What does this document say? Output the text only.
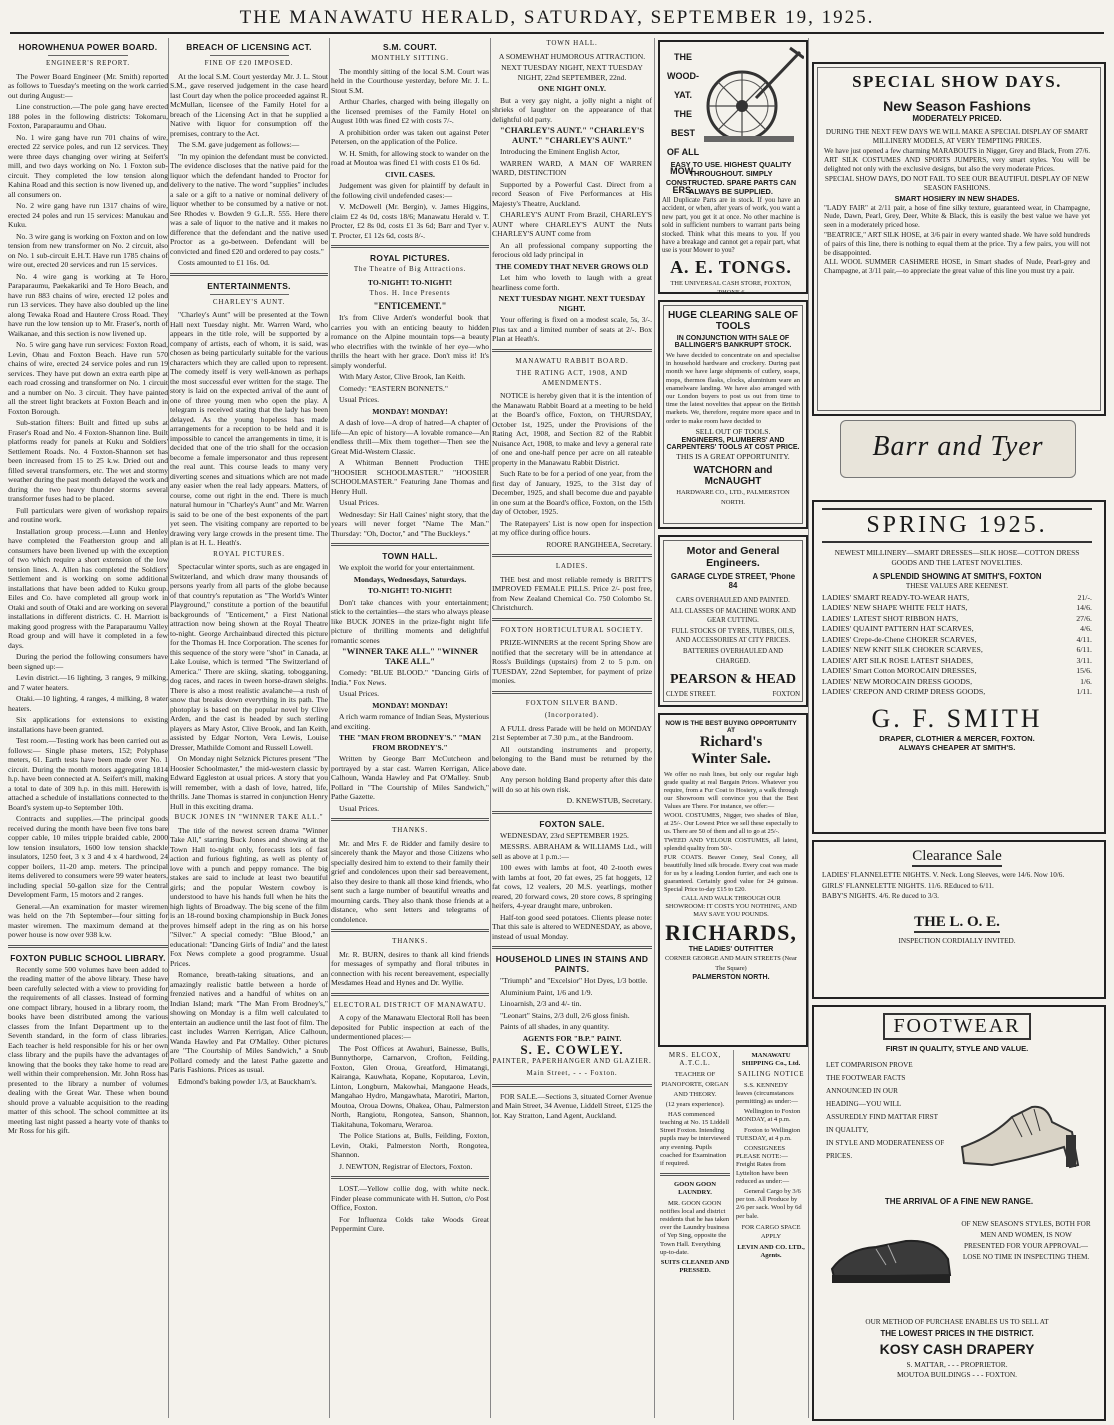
THE MANAWATU HERALD, SATURDAY, SEPTEMBER 19, 1925.
HOROWHENUA POWER BOARD.
ENGINEER'S REPORT.

The Power Board Engineer (Mr. Smith) reported as follows to Tuesday's meeting on the work carried out during August:—

Line construction.—The pole gang have erected 188 poles in the following districts: Tokomaru, Foxton, Paraparaumu and Ohau.

No. 1 wire gang have run 701 chains of wire, erected 22 service poles, and run 12 services. They were three days changing over wiring at Seifert's mill, and two days working on No. 1 Foxton sub-circuit. They completed the low tension along Kahina Road and this section is now livened up, and all consumers on.

No. 2 wire gang have run 1317 chains of wire, erected 24 poles and run 15 services: Manukau and Kuku.

No. 3 wire gang is working on Foxton and on low tension from new transformer on No. 2 circuit, also on No. 1 sub-circuit E.H.T. Have run 1785 chains of wire out, erected 20 services and run 15 services.

No. 4 wire gang is working at Te Horo, Paraparaumu, Paekakariki and Te Horo Beach, and have run 883 chains of wire, erected 12 poles and run 13 services. They have also doubled up the line along Tewaka Road and Hautere Cross Road. They have run the low tension up to Mr. Fraser's, north of Waikanae, and this section is now livened up.

No. 5 wire gang have run services: Foxton Road, Levin, Ohau and Foxton Beach. Have run 570 chains of wire, erected 24 service poles and run 19 services. They have put down an extra earth pipe at each road crossing and transformer on No. 1 circuit and a number on No. 3 circuit. They have painted all the street light brackets at Foxton Beach and in Foxton Borough.

Sub-station filters: Built and fitted up subs at Fraser's Road and No. 4 Foxton-Shannon line. Built platforms ready for panels at Kuku and Soldiers' Settlement Roads. No. 4 Foxton-Shannon set has been increased from 15 to 25 k.w. Dried out and filled several transformers, etc. The wet and stormy weather during the past month delayed the work and during the two heavy thunder storms several transformer fuses had to be placed.

Full particulars were given of workshop repairs and routine work.

Installation group process.—Lunn and Henley have completed the Featherston group and all consumers have been livened up with the exception of two which require a short extension of the low tension lines. A. Allen has completed the Soldiers' Settlement and is working on some additional installations that have been added to Kuku group. Eiles and Co. have completed all group work in Otaki and south of Otaki and are working on several installations in different districts. C. H. Marriott is making good progress with the Paraparaumu Valley Road group and will have it completed in a few days.

During the period the following consumers have been signed up:—

Levin district.—16 lighting, 3 ranges, 9 milking, and 7 water heaters.

Otaki.—10 lighting, 4 ranges, 4 milking, 8 water heaters.

Six applications for extensions to existing installations have been granted.

Test room.—Testing work has been carried out as follows:— Single phase meters, 152; Polyphase meters, 61. Earth tests have been made over No. 1 circuit. During the month motors aggregating 1814 h.p. have been connected at A. Seifert's mill, making a total to date of 309 h.p. in this mill. Herewith is attached a schedule of installations connected to the Board's system up-to September 10th.

Contracts and supplies.—The principal goods received during the month have been five tons bare copper cable, 10 miles tripple braided cable, 2000 low tension insulators, 1600 low tension shackle insulators, 1250 feet, 3 x 3 and 4 x 4 hardwood, 24 copper boilers, 11-20 amp. meters. The principal items delivered to consumers were 99 water heaters, including special 50-gallon size for the Central Development Farm, 15 motors and 2 ranges.

General.—An examination for master wiremen was held on the 7th September—four sitting for master wiremen. The maximum demand at the power house is now over 938 k.w.

FOXTON PUBLIC SCHOOL LIBRARY.

Recently some 500 volumes have been added to the reading matter of the above library. These have been carefully selected with a view to providing for the requirements of all classes. Instead of forming one compact library, housed in a library room, the books have been distributed among the various classes from the Infant Department up to the Seventh standard, in the form of class libraries. Each teacher is held responsible for his or her own class library and the pupils have the advantages of knowing that the books they take home to read are well within their comprehension. Mr. John Ross has presented to the library a number of volumes dealing with the Great War. These when bound should prove a valuable acquisition to the reading matter of this school. The school committee at its meeting last night passed a hearty vote of thanks to Mr Ross for his gift.

BREACH OF LICENSING ACT.
FINE OF £20 IMPOSED.

At the local S.M. Court yesterday Mr. J. L. Stout S.M., gave reserved judgement in the case heard last Court day when the police proceeded against R. McMullan, licensee of the Family Hotel for a breach of the Licensing Act in that he supplied a Native with liquor for consumption off the premises, contrary to the Act.

The S.M. gave judgement as follows:—

"In my opinion the defendant must be convicted. The evidence discloses that the native paid for the liquor which the defendant handed to Proctor for delivery to the native. The word "supplies" includes a sale or a gift to a native or nominal delivery of liquor whether to be consumed by a native or not. See Rhodes v. Bowden 9 G.L.R. 555. Here there was a sale of liquor to the native and it makes no difference that the defendant and the native used Proctor as a go-between. Defendant will be convicted and fined £20 and ordered to pay costs."

Costs amounted to £1 16s. 0d.

ENTERTAINMENTS.
CHARLEY'S AUNT.

"Charley's Aunt" will be presented at the Town Hall next Tuesday night. Mr. Warren Ward, who appears in the title role, will be supported by a company of artists, each of whom, it is said, was chosen as being particularly suitable for the various characters which they are called upon to represent. The comedy itself is very well-known as perhaps the most successful ever written for the stage. The story is laid on the expected arrival of the aunt of one of three young men who open the play. A telegram is received stating that the lady has been delayed. As the young hopeless has made arrangements for a reception to be held and it is impossible to cancel the arrangements in time, it is decided that one of the trio shall for the occasion become a female impersonator and thus represent the real aunt. This course leads to many very diverting scenes and situations which are not made any easier when the real lady appears. Matters, of course, come out right in the end. There is much natural humour in "Charley's Aunt" and Mr. Warren is said to be one of the best exponents of the part yet seen. The visiting company are reported to be drawing very large crowds in the present time. The plan is at H. L. Heath's.

ROYAL PICTURES.

Spectacular winter sports, such as are engaged in Switzerland, and which draw many thousands of persons yearly from all parts of the globe because of that country's reputation as "The World's Winter Playground," constitute a portion of the beautiful backgrounds of "Enticement," a First National attraction now being shown at the Royal Theatre to-night. George Archainbaud directed this picture for the Thomas H. Ince Corporation. The scenes for this sequence of the story were "shot" in Canada, at Lake Louise, which is termed "The Switzerland of America." There are skiing, skating, tobogganing, dog races, and races in tween horse-drawn sleighs. There is also a most realistic avalanche—a rush of snow that breaks down everything in its path. The photoplay is based on the popular novel by Clive Arden, and the cast is headed by such sterling players as Mary Astor, Clive Brook, and Ian Keith, assisted by Edgar Norton, Vera Lewis, Louise Dresser, Mathilde Comont and Russell Lowell.

On Monday night Selznick Pictures present "The Hoosier Schoolmaster," the mid-western classic by Edward Eggleston at usual prices. A story that you will remember, with a dash of love, hatred, life, thrills. Jane Thomas is starred in conjunction Henry Hull in this exciting drama.

BUCK JONES IN "WINNER TAKE ALL."

The title of the newest screen drama "Winner Take All," starring Buck Jones and showing at the Town Hall to-night only, forecasts lots of fast action and furious fighting, as well as plenty of love with a punch and peppy romance. The big stakes are said to include at least two beautiful girls; and the popular Western cowboy is understood to have his hands full when he hits the high lights of Broadway. The big scene of the film is an 18-round boxing championship in Buck Jones proves himself adept in the ring as on his horse "Silver." A special comedy: "Blue Blood," an educational: "Dancing Girls of India" and the latest Fox News complete a good programme. Usual Prices.

Romance, breath-taking situations, and an amazingly realistic battle between a horde of frenzied natives and a handful of whites on an Indian Island; mark "The Man From Brodney's," showing on Monday is a film well calculated to entertain an audience until the last foot of film. The cast includes Warren Kerrigan, Alice Calhoun, Wanda Hawley and Pat O'Malley. Other pictures are "The Courtship of Miles Sandwich," a Snub Pollard comedy and the latest Pathe gazette and Paris Fashions. Prices as usual.

Edmond's baking powder 1/3, at Bauckham's.

S.M. COURT.
MONTHLY SITTING.

The monthly sitting of the local S.M. Court was held in the Courthouse yesterday, before Mr. J. L. Stout S.M.

Arthur Charles, charged with being illegally on the licensed premises of the Family Hotel on August 10th was fined £2 with costs 7/-.

A prohibition order was taken out against Peter Petersen, on the application of the Police.

W. H. Smith, for allowing stock to wander on the road at Moutoa was fined £1 with costs £1 0s 6d.

CIVIL CASES.

Judgement was given for plaintiff by default in the following civil undefended cases:—

V. McDowell (Mr. Bergin), v. James Higgins, claim £2 4s 0d, costs 18/6; Manawatu Herald v. T. Procter, £2 8s 0d, costs £1 3s 6d; Barr and Tyer v. T. Procter, £1 12s 6d, costs 8/-.

ROYAL PICTURES.
The Theatre of Big Attractions.
TO-NIGHT! TO-NIGHT!
Thos. H. Ince Presents
"ENTICEMENT."

It's from Clive Arden's wonderful book that carries you with an enticing beauty to hidden romance on the Alpine mountain tops—a beauty who electrifies with the twinkle of her eye—who thrills the heart with her grace. Don't miss it! It's simply wonderful.

With Mary Astor, Clive Brook, Ian Keith.

Comedy: "EASTERN BONNETS."

Usual Prices.

MONDAY! MONDAY!

A dash of love—A drop of hatred—A chapter of life—An epic of history—A lovable romance—An endless thrill—Mix them together—Then see the Great Mid-Western Classic.

A Whitman Bennett Production THE "HOOSIER SCHOOLMASTER." "HOOSIER SCHOOLMASTER." Featuring Jane Thomas and Henry Hull.

Usual Prices.

Wednesday: Sir Hall Caines' night story, that the years will never forget "Name The Man." Thursday: "Oh, Doctor," and "The Buckleys."

TOWN HALL.

We exploit the world for your entertainment.

Mondays, Wednesdays, Saturdays.
TO-NIGHT! TO-NIGHT!

Don't take chances with your entertainment; stick to the certainties—the stars who always please like BUCK JONES in the prize-fight night life picture of thrilling moments and delightful romantic scenes

"WINNER TAKE ALL." "WINNER TAKE ALL."

Comedy: "BLUE BLOOD." "Dancing Girls of India." Fox News.

Usual Prices.

MONDAY! MONDAY!

A rich warm romance of Indian Seas, Mysterious and exciting.

THE "MAN FROM BRODNEY'S." "MAN FROM BRODNEY'S."

Written by George Barr McCutcheon and portrayed by a star cast. Warren Kerrigan, Alice Calhoun, Wanda Hawley and Pat O'Malley. Snub Pollard in "The Courtship of Miles Sandwich," Pathe Gazette.

Usual Prices.

THANKS.

Mr. and Mrs F. de Ridder and family desire to sincerely thank the Mayor and those Citizens who specially desired him to extend to their family their grief and condolences upon their sad bereavement, also they desire to thank all those kind friends, who sent such a large number of beautiful wreaths and mourning cards. They also thank those friends at a distance, who sent letters and telegrams of condolence.

THANKS.

Mr. R. BURN, desires to thank all kind friends for messages of sympathy and floral tributes in connection with his recent bereavement, especially Mesdames Head and Hynes and Dr. Wyllie.

ELECTORAL DISTRICT OF MANAWATU.

A copy of the Manawatu Electoral Roll has been deposited for Public inspection at each of the undermentioned places:—

The Post Offices at Awahuri, Bainesse, Bulls, Bunnythorpe, Carnarvon, Crofton, Feilding, Foxton, Glen Oroua, Greatford, Himatangi, Kairanga, Kauwhata, Kopane, Koputaroa, Levin, Linton, Longburn, Makowhai, Mangaone Heads, Mangahao Hydro, Mangawhata, Marotiri, Marton, Moutoa, Oroua Downs, Ohakea, Ohau, Palmerston North, Rangiotu, Rongotea, Sanson, Shannon, Tiakitahuna, Tokomaru, Weraroa.

The Police Stations at, Bulls, Feilding, Foxton, Levin, Otaki, Palmerston North, Rongotea, Shannon.

J. NEWTON, Registrar of Electors, Foxton.

LOST.—Yellow collie dog, with white neck. Finder please communicate with H. Sutton, c/o Post Office, Foxton.

For Influenza Colds take Woods Great Peppermint Cure.

TOWN HALL.

A SOMEWHAT HUMOROUS ATTRACTION.

NEXT TUESDAY NIGHT, NEXT TUESDAY NIGHT, 22nd SEPTEMBER, 22nd.

ONE NIGHT ONLY.

But a very gay night, a jolly night a night of shrieks of laughter on the appearance of that delightful old party.

"CHARLEY'S AUNT." "CHARLEY'S AUNT." "CHARLEY'S AUNT."

Introducing the Eminent English Actor,

WARREN WARD, A MAN OF WARREN WARD, DISTINCTION

Supported by a Powerful Cast. Direct from a record Season of Five Performances at His Majesty's Theatre, Auckland.

CHARLEY'S AUNT From Brazil, CHARLEY'S AUNT where CHARLEY'S AUNT the Nuts CHARLEY'S AUNT come from

An all professional company supporting the ferocious old lady principal in

THE COMEDY THAT NEVER GROWS OLD

Let him who loveth to laugh with a great hearliness come forth.

NEXT TUESDAY NIGHT. NEXT TUESDAY NIGHT.

Your offering is fixed on a modest scale, 5s, 3/-. Plus tax and a limited number of seats at 2/-. Box Plan at Heath's.

MANAWATU RABBIT BOARD.
THE RATING ACT, 1908, AND AMENDMENTS.

NOTICE is hereby given that it is the intention of the Manawatu Rabbit Board at a meeting to be held at the Board's office, Foxton, on THURSDAY, October 1st, 1925, under the Provisions of the Rating Act, 1908, and Section 82 of the Rabbit Nuisance Act, 1908, to make and levy a general rate of one and one-half pence per acre on all rateable property in the Manawatu Rabbit District.

Such Rate to be for a period of one year, from the first day of January, 1925, to the 31st day of December, 1925, and shall become due and payable in one sum at the Board's office, Foxton, on the 15th day of October, 1925.

The Ratepayers' List is now open for inspection at my office during office hours.

ROORE RANGIHEEA, Secretary.

LADIES.

THE best and most reliable remedy is BRITT'S IMPROVED FEMALE PILLS. Price 2/- post free, from New Zealand Chemical Co. 750 Colombo St. Christchurch.

FOXTON HORTICULTURAL SOCIETY.

PRIZE-WINNERS at the recent Spring Show are notified that the secretary will be in attendance at Ross's Buildings (upstairs) from 2 to 5 p.m. on TUESDAY, 22nd September, for payment of prize monies.

FOXTON SILVER BAND.
(Incorporated).

A FULL dress Parade will be held on MONDAY 21st September at 7.30 p.m., at the Bandroom.

All outstanding instruments and property, belonging to the Band must be returned by the above date.

Any person holding Band property after this date will do so at his own risk.

D. KNEWSTUB, Secretary.

FOXTON SALE.

WEDNESDAY, 23rd SEPTEMBER 1925.

MESSRS. ABRAHAM & WILLIAMS Ltd., will sell as above at 1 p.m.:—

100 ewes with lambs at foot, 40 2-tooth ewes with lambs at foot, 20 fat ewes, 25 fat hoggets, 12 fat cows, 12 vealers, 20 M.S. yearlings, mother reared, 20 forward cows, 20 store cows, 8 springing heifers, 4-year draught mare, unbroken.

Half-ton good seed potatoes. Clients please note: That this sale is altered to WEDNESDAY, as above, instead of usual Monday.

HOUSEHOLD LINES IN STAINS AND PAINTS.

"Triumph" and "Excelsior" Hot Dyes, 1/3 bottle.

Aluminium Paint, 1/6 and 1/9.

Linoarnish, 2/3 and 4/- tin.

"Leonart" Stains, 2/3 dull, 2/6 gloss finish.

Paints of all shades, in any quantity.

AGENTS FOR "B.P." PAINT.
S. E. COWLEY.
PAINTER, PAPERHANGER AND GLAZIER.
Main Street, - - - Foxton.

FOR SALE.—Sections 3, situated Corner Avenue and Main Street, 34 Avenue, Liddell Street, £125 the lot. Kay Stratton, Land Agent, Auckland.

THE
WOOD-
YAT.
THE
BEST
OF ALL
MOW-
ERS.
EASY TO USE. HIGHEST QUALITY THROUGHOUT. SIMPLY CONSTRUCTED. SPARE PARTS CAN ALWAYS BE SUPPLIED.
All Duplicate Parts are in stock. If you have an accident, or when, after years of work, you want a new part, you get it at once. No other machine is sold in sufficient numbers to warrant parts being stocked. Think what this means to you. If you have a breakage and cannot get a repair part, what use is your Mower to you?
A. E. TONGS.
THE UNIVERSAL CASH STORE, FOXTON, 'PHONE 6
HUGE CLEARING SALE OF TOOLS
IN CONJUNCTION WITH SALE OF BALLINGER'S BANKRUPT STOCK.
We have decided to concentrate on and specialise in household hardware and crockery. During past month we have large shipments of cutlery, soaps, mops, thermos flasks, clocks, aluminium ware an enamelware landing. We have also arranged with our London buyers to post us out from time to time the latest novelties that appear on the British markets. We, therefore, require more space and in order to make room have decided to
SELL OUT OF TOOLS.
ENGINEERS, PLUMBERS' AND CARPENTERS' TOOLS AT COST PRICE.
THIS IS A GREAT OPPORTUNITY.
WATCHORN and McNAUGHT
HARDWARE CO., LTD., PALMERSTON NORTH.
Motor and General Engineers.
GARAGE CLYDE STREET, 'Phone 84
CARS OVERHAULED AND PAINTED.
ALL CLASSES OF MACHINE WORK AND GEAR CUTTING.
FULL STOCKS OF TYRES, TUBES, OILS, AND ACCESSORIES AT CITY PRICES.
BATTERIES OVERHAULED AND CHARGED.
PEARSON & HEAD
CLYDE STREET.	FOXTON
NOW IS THE BEST BUYING OPPORTUNITY AT
Richard's
Winter Sale.
We offer no rush lines, but only our regular high grade quality at real Bargain Prices. Whatever you require, from a Fur Coat to Hosiery, a walk through our Showroom will convince you that the Best Values are There. For instance, we offer:—
WOOL COSTUMES, Nigger, two shades of Blue, at 25/-. Our Lowest Price we sell these especially to us. There are 50 of them and all to go at 25/-.
TWEED AND VELOUR COSTUMES, all latest, splendid quality from 50/-.
FUR COATS. Beaver Coney, Seal Coney, all beautifully lined silk brocade. Every coat was made for us by a leading London furrier, and each one is guaranteed. Certainly good value for 24 guineas. Special Price to-day £15 to £20.
CALL AND WALK THROUGH OUR SHOWROOM: IT COSTS YOU NOTHING, AND MAY SAVE YOU POUNDS.
RICHARDS,
THE LADIES' OUTFITTER
CORNER GEORGE AND MAIN STREETS (Near The Square)
PALMERSTON NORTH.
MRS. ELCOX, A.T.C.L.
TEACHER OF PIANOFORTE, ORGAN AND THEORY.
(12 years experience).

HAS commenced teaching at No. 15 Liddell Street Foxton. Intending pupils may be interviewed any evening. Pupils coached for Examination if required.

GOON GOON LAUNDRY.

MR. GOON GOON notifies local and district residents that he has taken over the Laundry business of Yep Sing, opposite the Town Hall. Everything up-to-date.

SUITS CLEANED AND PRESSED.
MANAWATU SHIPPING Co., Ltd.
SAILING NOTICE

S.S. KENNEDY leaves (circumstances permitting) as under:—

Wellington to Foxton MONDAY, at 4 p.m.

Foxton to Wellington TUESDAY, at 4 p.m.

CONSIGNEES PLEASE NOTE:— Freight Rates from Lyttelton have been reduced as under:—

General Cargo by 3/6 per ton. All Produce by 2/6 per sack. Wool by 6d per bale.

FOR CARGO SPACE APPLY
LEVIN AND CO. LTD., Agents.
SPECIAL SHOW DAYS.
New Season Fashions
MODERATELY PRICED.
DURING THE NEXT FEW DAYS WE WILL MAKE A SPECIAL DISPLAY OF SMART MILLINERY MODELS, AT VERY TEMPTING PRICES.
We have just opened a few charming MARABOUTS in Nigger, Grey and Black, From 27/6.
ART SILK COSTUMES AND SPORTS JUMPERS, very smart styles. You will be delighted not only with the exclusive designs, but also the very moderate Prices.
SPECIAL SHOW DAYS, DO NOT FAIL TO SEE OUR BEAUTIFUL DISPLAY OF NEW SEASON FASHIONS.
SMART HOSIERY IN NEW SHADES.
"LADY FAIR" at 2/11 pair, a hose of fine silky texture, guaranteed wear, in Champagne, Nude, Dawn, Pearl, Grey, Deer, White & Black, this is easily the best value we have yet seen in a moderately priced hose.
"BEATRICE," ART SILK HOSE, at 3/6 pair in every wanted shade. We have sold hundreds of pairs of this line, there is nothing to equal them at the price. Try a few pairs, you will not be disappointed.
ALL WOOL SUMMER CASHMERE HOSE, in Smart shades of Nude, Pearl-grey and Champagne, at 3/11 pair,—to appreciate the great value of this line you must try a pair.
Barr and Tyer
SPRING 1925.
NEWEST MILLINERY—SMART DRESSES—SILK HOSE—COTTON DRESS GOODS AND THE LATEST NOVELTIES.
A SPLENDID SHOWING AT SMITH'S, FOXTON
THESE VALUES ARE KEENEST.
LADIES' SMART READY-TO-WEAR HATS,	21/-.
LADIES' NEW SHAPE WHITE FELT HATS,	14/6.
LADIES' LATEST SHOT RIBBON HATS,	27/6.
LADIES' QUAINT PATTERN HAT SCARVES,	4/6.
LADIES' Crepe-de-Chene CHOKER SCARVES,	4/11.
LADIES' NEW KNIT SILK CHOKER SCARVES,	6/11.
LADIES' ART SILK ROSE LATEST SHADES,	3/11.
LADIES' Smart Cotton MOROCAIN DRESSES,	15/6.
LADIES' NEW MOROCAIN DRESS GOODS,	1/6.
LADIES' CREPON AND CRIMP DRESS GOODS,	1/11.
G. F. SMITH
DRAPER, CLOTHIER & MERCER, FOXTON.
ALWAYS CHEAPER AT SMITH'S.
Clearance Sale
LADIES' FLANNELETTE NIGHTS. V. Neck. Long Sleeves, were 14/6. Now 10/6.
GIRLS' FLANNELETTE NIGHTS. 11/6. REduced to 6/11.
BABY'S NIGHTS. 4/6. Re duced to 3/3.
THE L. O. E.
INSPECTION CORDIALLY INVITED.
FOOTWEAR
FIRST IN QUALITY, STYLE AND VALUE.
LET COMPARISON PROVE
THE FOOTWEAR FACTS
ANNOUNCED IN OUR
HEADING—YOU WILL
ASSUREDLY FIND MATTAR FIRST IN QUALITY,
IN STYLE AND MODERATENESS OF PRICES.
THE ARRIVAL OF A FINE NEW RANGE.
OF NEW SEASON'S STYLES, BOTH FOR MEN AND WOMEN, IS NOW PRESENTED FOR YOUR APPROVAL—LOSE NO TIME IN INSPECTING THEM.
OUR METHOD OF PURCHASE ENABLES US TO SELL AT
THE LOWEST PRICES IN THE DISTRICT.
KOSY CASH DRAPERY
S. MATTAR, - - - PROPRIETOR.
MOUTOA BUILDINGS - - - FOXTON.
